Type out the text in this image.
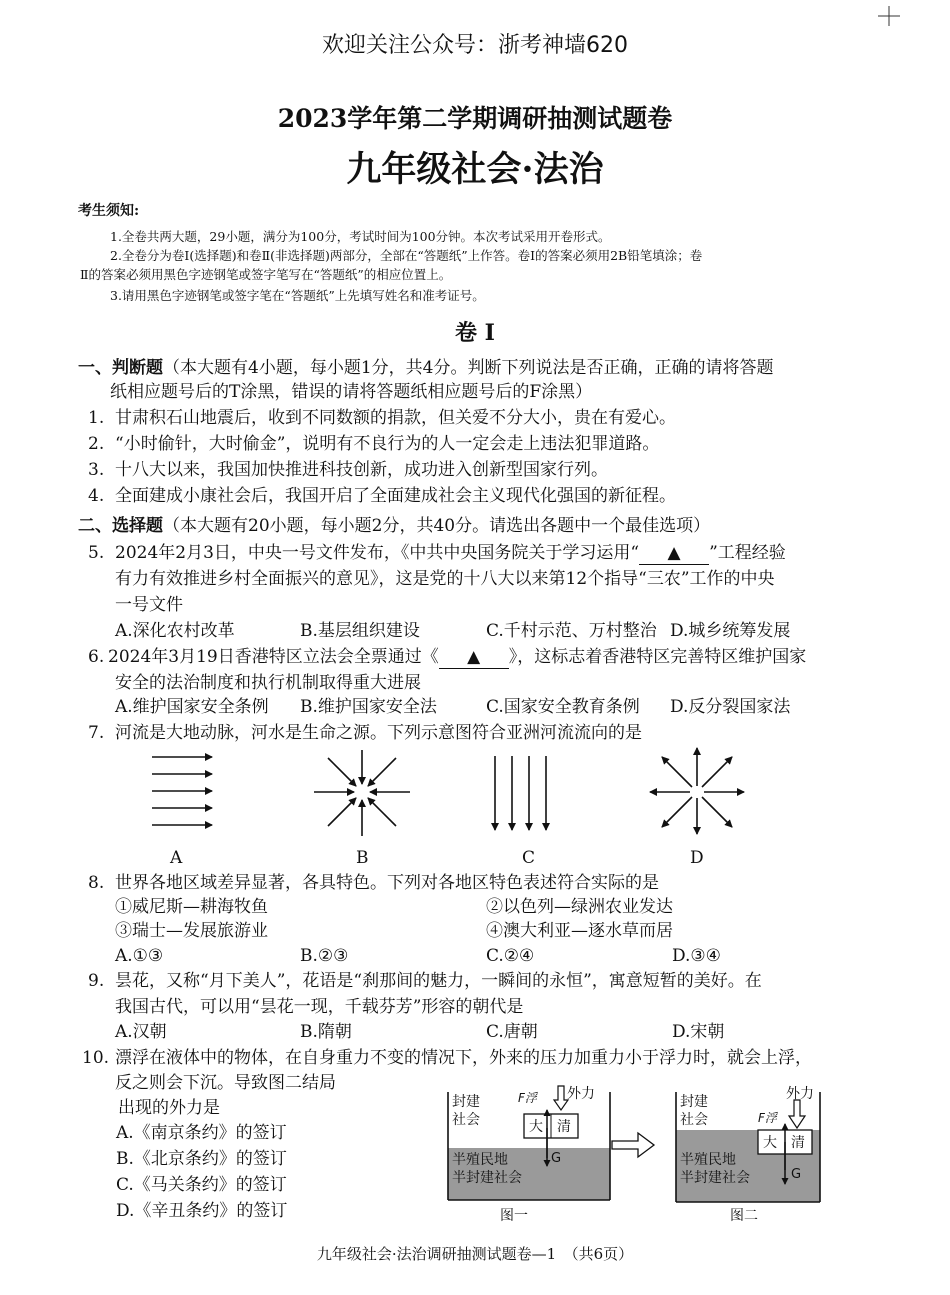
欢迎关注公众号：浙考神墙620
2023学年第二学期调研抽测试题卷
九年级社会·法治
考生须知:
1.全卷共两大题，29小题，满分为100分，考试时间为100分钟。本次考试采用开卷形式。
2.全卷分为卷Ⅰ(选择题)和卷Ⅱ(非选择题)两部分，全部在“答题纸”上作答。卷Ⅰ的答案必须用2B铅笔填涂；卷
Ⅱ的答案必须用黑色字迹钢笔或签字笔写在“答题纸”的相应位置上。
3.请用黑色字迹钢笔或签字笔在“答题纸”上先填写姓名和准考证号。
卷 Ⅰ
一、判断题（本大题有4小题，每小题1分，共4分。判断下列说法是否正确，正确的请将答题
纸相应题号后的T涂黑，错误的请将答题纸相应题号后的F涂黑）
1. 甘肃积石山地震后，收到不同数额的捐款，但关爱不分大小，贵在有爱心。
2. “小时偷针，大时偷金”，说明有不良行为的人一定会走上违法犯罪道路。
3. 十八大以来，我国加快推进科技创新，成功进入创新型国家行列。
4. 全面建成小康社会后，我国开启了全面建成社会主义现代化强国的新征程。
二、选择题（本大题有20小题，每小题2分，共40分。请选出各题中一个最佳选项）
5. 2024年2月3日，中央一号文件发布，《中共中央国务院关于学习运用“ ▲ ”工程经验
有力有效推进乡村全面振兴的意见》，这是党的十八大以来第12个指导“三农”工作的中央
一号文件
A.深化农村改革	B.基层组织建设	C.千村示范、万村整治 D.城乡统筹发展
6. 2024年3月19日香港特区立法会全票通过《 ▲ 》，这标志着香港特区完善特区维护国家
安全的法治制度和执行机制取得重大进展
A.维护国家安全条例 B.维护国家安全法	C.国家安全教育条例 D.反分裂国家法
7. 河流是大地动脉，河水是生命之源。下列示意图符合亚洲河流流向的是
A	B	C	D
8. 世界各地区域差异显著，各具特色。下列对各地区特色表述符合实际的是
①威尼斯—耕海牧鱼	②以色列—绿洲农业发达
③瑞士—发展旅游业	④澳大利亚—逐水草而居
A.①③	B.②③	C.②④	D.③④
9. 昙花，又称“月下美人”，花语是“刹那间的魅力，一瞬间的永恒”，寓意短暂的美好。在
我国古代，可以用“昙花一现，千载芬芳”形容的朝代是
A.汉朝	B.隋朝	C.唐朝	D.宋朝
10. 漂浮在液体中的物体，在自身重力不变的情况下，外来的压力加重力小于浮力时，就会上浮，
反之则会下沉。导致图二结局
出现的外力是
A.《南京条约》的签订
B.《北京条约》的签订
C.《马关条约》的签订
D.《辛丑条约》的签订
封建
社会	大 清
F浮
G
外力
半殖民地
半封建社会
封建
社会
大 清
F浮
G
外力
半殖民地
半封建社会
图一	图二
九年级社会·法治调研抽测试题卷—1　（共6页）
